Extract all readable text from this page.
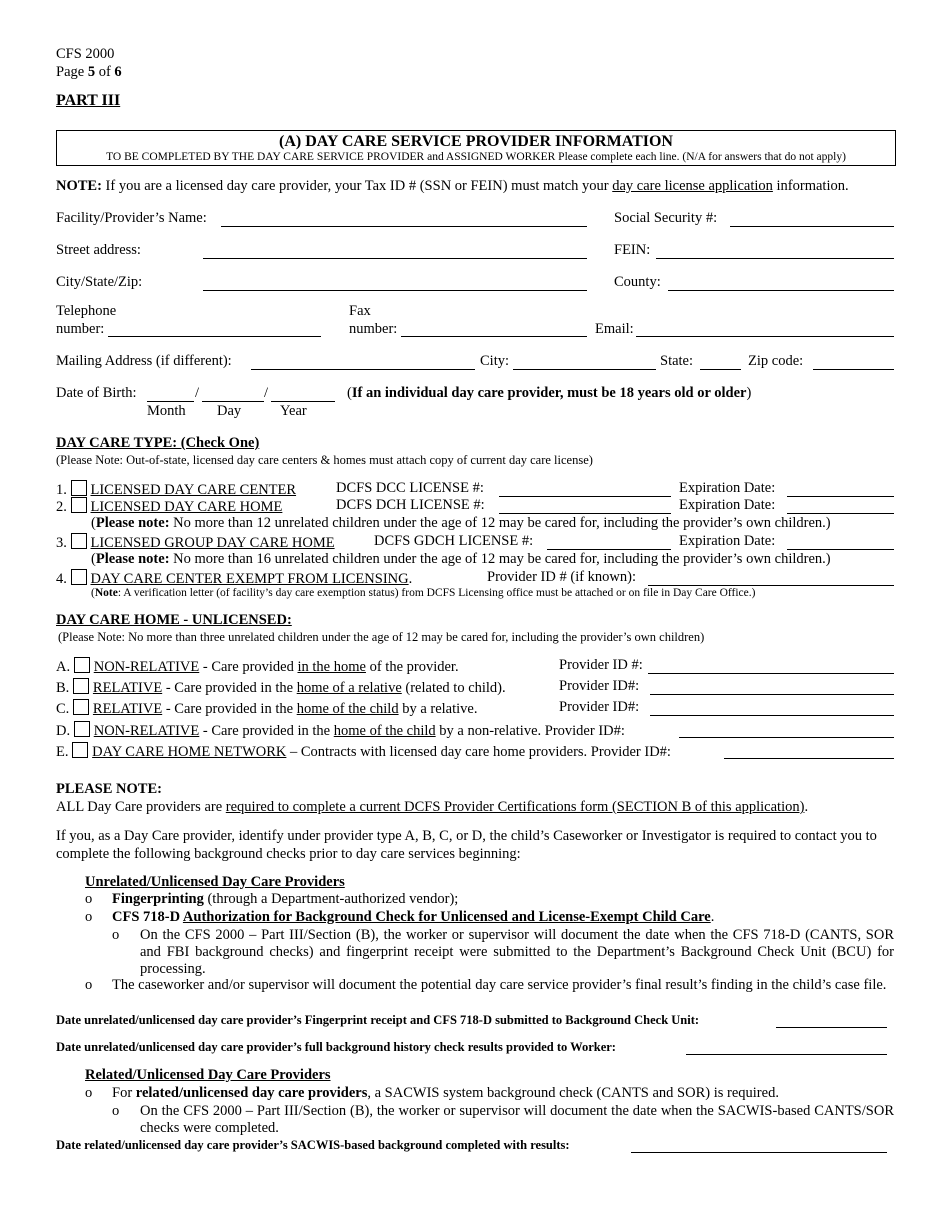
CFS 2000
Page 5 of 6
PART III
(A) DAY CARE SERVICE PROVIDER INFORMATION
TO BE COMPLETED BY THE DAY CARE SERVICE PROVIDER and ASSIGNED WORKER Please complete each line. (N/A for answers that do not apply)
NOTE: If you are a licensed day care provider, your Tax ID # (SSN or FEIN) must match your day care license application information.
Facility/Provider’s Name:	Social Security #:
Street address:	FEIN:
City/State/Zip:	County:
Telephone
number:
Fax
number:	Email:
Mailing Address (if different):	City:	State:	Zip code:
Date of Birth:	/	/	(If an individual day care provider, must be 18 years old or older)
Month Day	Year
DAY CARE TYPE: (Check One)
(Please Note: Out-of-state, licensed day care centers & homes must attach copy of current day care license)
1. LICENSED DAY CARE CENTER	DCFS DCC LICENSE #:	Expiration Date:
2. LICENSED DAY CARE HOME	DCFS DCH LICENSE #:	Expiration Date:
(Please note: No more than 12 unrelated children under the age of 12 may be cared for, including the provider’s own children.)
3. LICENSED GROUP DAY CARE HOME	DCFS GDCH LICENSE #:	Expiration Date:
(Please note: No more than 16 unrelated children under the age of 12 may be cared for, including the provider’s own children.)
4. DAY CARE CENTER EXEMPT FROM LICENSING.	Provider ID # (if known):
(Note: A verification letter (of facility’s day care exemption status) from DCFS Licensing office must be attached or on file in Day Care Office.)
DAY CARE HOME - UNLICENSED:
(Please Note: No more than three unrelated children under the age of 12 may be cared for, including the provider’s own children)
A. NON-RELATIVE - Care provided in the home of the provider.	Provider ID #:
B. RELATIVE - Care provided in the home of a relative (related to child).	Provider ID#:
C. RELATIVE - Care provided in the home of the child by a relative.	Provider ID#:
D. NON-RELATIVE - Care provided in the home of the child by a non-relative. Provider ID#:
E. DAY CARE HOME NETWORK – Contracts with licensed day care home providers. Provider ID#:
PLEASE NOTE:
ALL Day Care providers are required to complete a current DCFS Provider Certifications form (SECTION B of this application).
If you, as a Day Care provider, identify under provider type A, B, C, or D, the child’s Caseworker or Investigator is required to contact you to complete the following background checks prior to day care services beginning:
Unrelated/Unlicensed Day Care Providers
o Fingerprinting (through a Department-authorized vendor);
o CFS 718-D Authorization for Background Check for Unlicensed and License-Exempt Child Care.
o On the CFS 2000 – Part III/Section (B), the worker or supervisor will document the date when the CFS 718-D (CANTS, SOR and FBI background checks) and fingerprint receipt were submitted to the Department’s Background Check Unit (BCU) for processing.
o The caseworker and/or supervisor will document the potential day care service provider’s final result’s finding in the child’s case file.
Date unrelated/unlicensed day care provider’s Fingerprint receipt and CFS 718-D submitted to Background Check Unit:
Date unrelated/unlicensed day care provider’s full background history check results provided to Worker:
Related/Unlicensed Day Care Providers
o For related/unlicensed day care providers, a SACWIS system background check (CANTS and SOR) is required.
o On the CFS 2000 – Part III/Section (B), the worker or supervisor will document the date when the SACWIS-based CANTS/SOR checks were completed.
Date related/unlicensed day care provider’s SACWIS-based background completed with results:
